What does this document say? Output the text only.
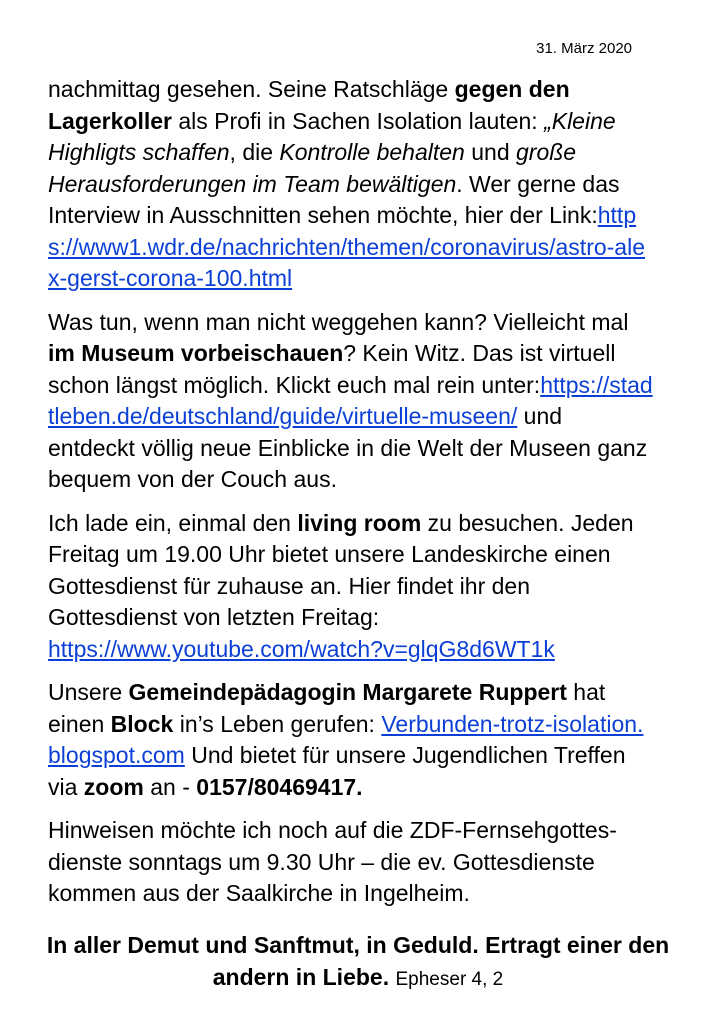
31. März 2020

nachmittag gesehen. Seine Ratschläge gegen den Lagerkoller als Profi in Sachen Isolation lauten: „Kleine Highligts schaffen, die Kontrolle behalten und große Herausforderungen im Team bewältigen. Wer gerne das Interview in Ausschnitten sehen möchte, hier der Link:https://www1.wdr.de/nachrichten/themen/coronavirus/astro-alex-gerst-corona-100.html

Was tun, wenn man nicht weggehen kann? Vielleicht mal im Museum vorbeischauen? Kein Witz. Das ist virtuell schon längst möglich. Klickt euch mal rein unter:https://stadtleben.de/deutschland/guide/virtuelle-museen/ und entdeckt völlig neue Einblicke in die Welt der Museen ganz bequem von der Couch aus.

Ich lade ein, einmal den living room zu besuchen. Jeden Freitag um 19.00 Uhr bietet unsere Landeskirche einen Gottesdienst für zuhause an. Hier findet ihr den Gottesdienst von letzten Freitag:
https://www.youtube.com/watch?v=glqG8d6WT1k

Unsere Gemeindepädagogin Margarete Ruppert hat einen Block in’s Leben gerufen: Verbunden-trotz-isolation.blogspot.com Und bietet für unsere Jugendlichen Treffen via zoom an - 0157/80469417.

Hinweisen möchte ich noch auf die ZDF-Fernsehgottes-dienste sonntags um 9.30 Uhr – die ev. Gottesdienste kommen aus der Saalkirche in Ingelheim.

In aller Demut und Sanftmut, in Geduld. Ertragt einer den andern in Liebe. Epheser 4, 2
